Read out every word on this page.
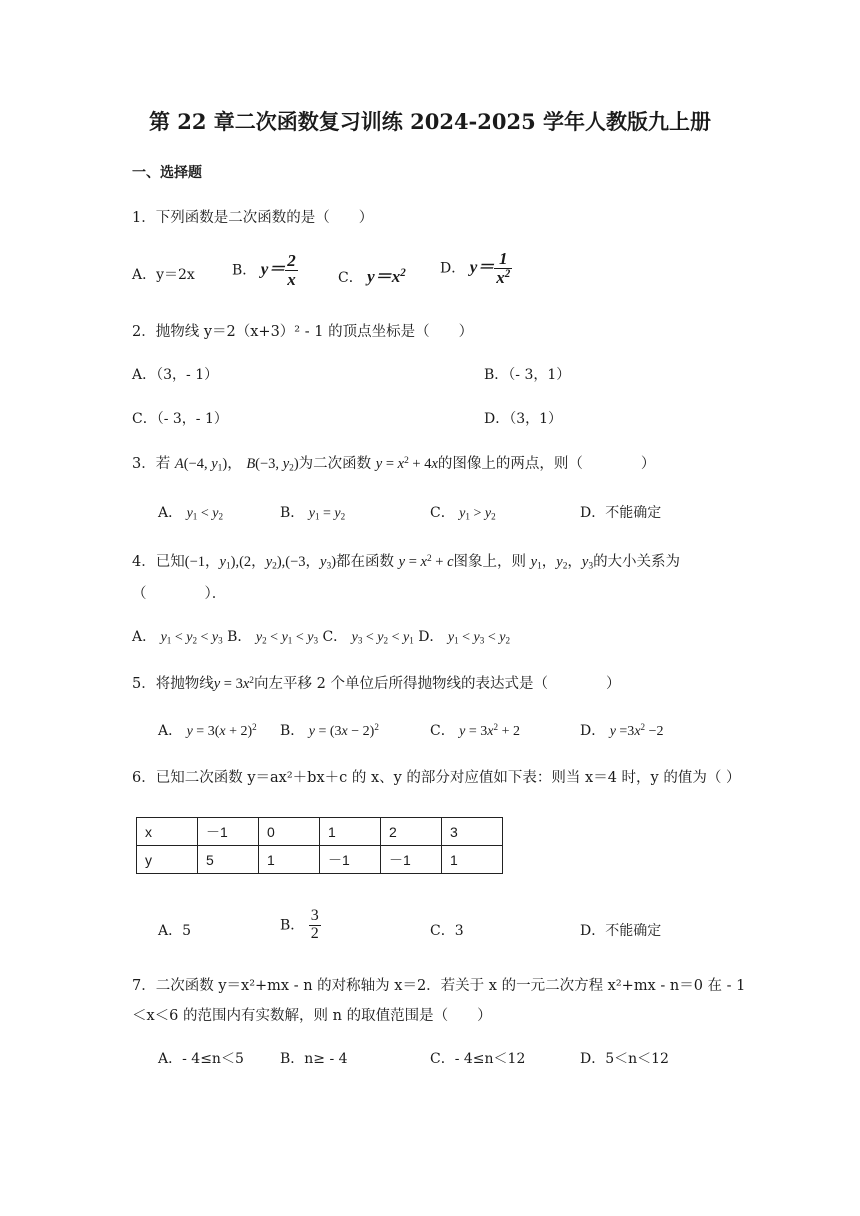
第 22 章二次函数复习训练 2024-2025 学年人教版九上册
一、选择题
1．下列函数是二次函数的是（　　）
A．y＝2x	B． $y= \frac{2}{x}$	C． $y=x^2$ D． $y= \frac{1}{x^2}$
2．抛物线 y＝2（x+3）² - 1 的顶点坐标是（　　）
A．（3，- 1）	B．（- 3，1）
C．（- 3，- 1）	D．（3，1）
3．若 A(−4, $y_1$)， B(−3, $y_2$)为二次函数 $y = x^2 + 4x$的图像上的两点，则（　　　　）
A． $y_1 < y_2$	B． $y_1 = y_2$	C． $y_1 > y_2$	D．不能确定
4．已知(−1，$y_1),(2$，$y_2),(-3$，$y_3$)都在函数 $y = x^2 + c$图象上，则 $y_1$，$y_2$，$y_3$的大小关系为
（　　　　）．
A． $y_1 < y_2 < y_3$ B． $y_2 < y_1 < y_3$ C． $y_3 < y_2 < y_1$ D． $y_1 < y_3 < y_2$
5．将抛物线$y = 3x^2$向左平移 2 个单位后所得抛物线的表达式是（　　　　）
A． $y = 3(x + 2)^2$ B． $y = (3x - 2)^2$	C． $y = 3x^2 + 2$	D． $y =3x^2 -2$
6．已知二次函数 y＝ax²＋bx＋c 的 x、y 的部分对应值如下表：则当 x＝4 时，y 的值为（ ）
x	－1	0	1	2	3
y	5	1	－1	－1	1
A．5	B． $\frac{3}{2}$	C．3	D．不能确定
7．二次函数 y＝x²+mx - n 的对称轴为 x＝2．若关于 x 的一元二次方程 x²+mx - n＝0 在 - 1
＜x＜6 的范围内有实数解，则 n 的取值范围是（　　）
A．- 4≤n＜5	B．n≥ - 4	C．- 4≤n＜12	D．5＜n＜12
